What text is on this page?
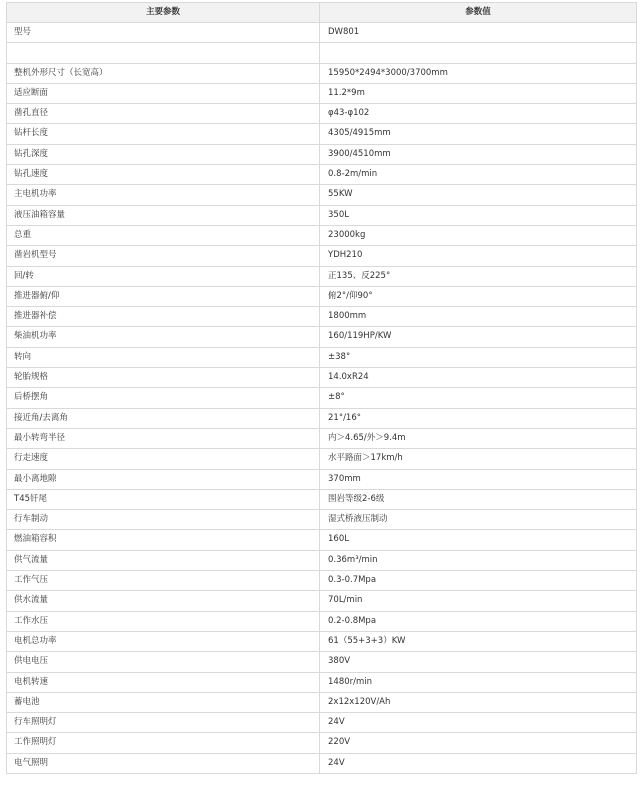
主要参数	参数值
型号	DW801

整机外形尺寸（长宽高）	15950*2494*3000/3700mm
适应断面	11.2*9m
凿孔直径	φ43-φ102
钻杆长度	4305/4915mm
钻孔深度	3900/4510mm
钻孔速度	0.8-2m/min
主电机功率	55KW
液压油箱容量	350L
总重	23000kg
凿岩机型号	YDH210
回/转	正135、反225°
推进器俯/仰	俯2°/仰90°
推进器补偿	1800mm
柴油机功率	160/119HP/KW
转向	±38°
轮胎规格	14.0xR24
后桥摆角	±8°
接近角/去离角	21°/16°
最小转弯半径	内＞4.65/外＞9.4m
行走速度	水平路面＞17km/h
最小离地隙	370mm
T45钎尾	围岩等级2-6级
行车制动	湿式桥液压制动
燃油箱容积	160L
供气流量	0.36m³/min
工作气压	0.3-0.7Mpa
供水流量	70L/min
工作水压	0.2-0.8Mpa
电机总功率	61（55+3+3）KW
供电电压	380V
电机转速	1480r/min
蓄电池	2x12x120V/Ah
行车照明灯	24V
工作照明灯	220V
电气照明	24V
